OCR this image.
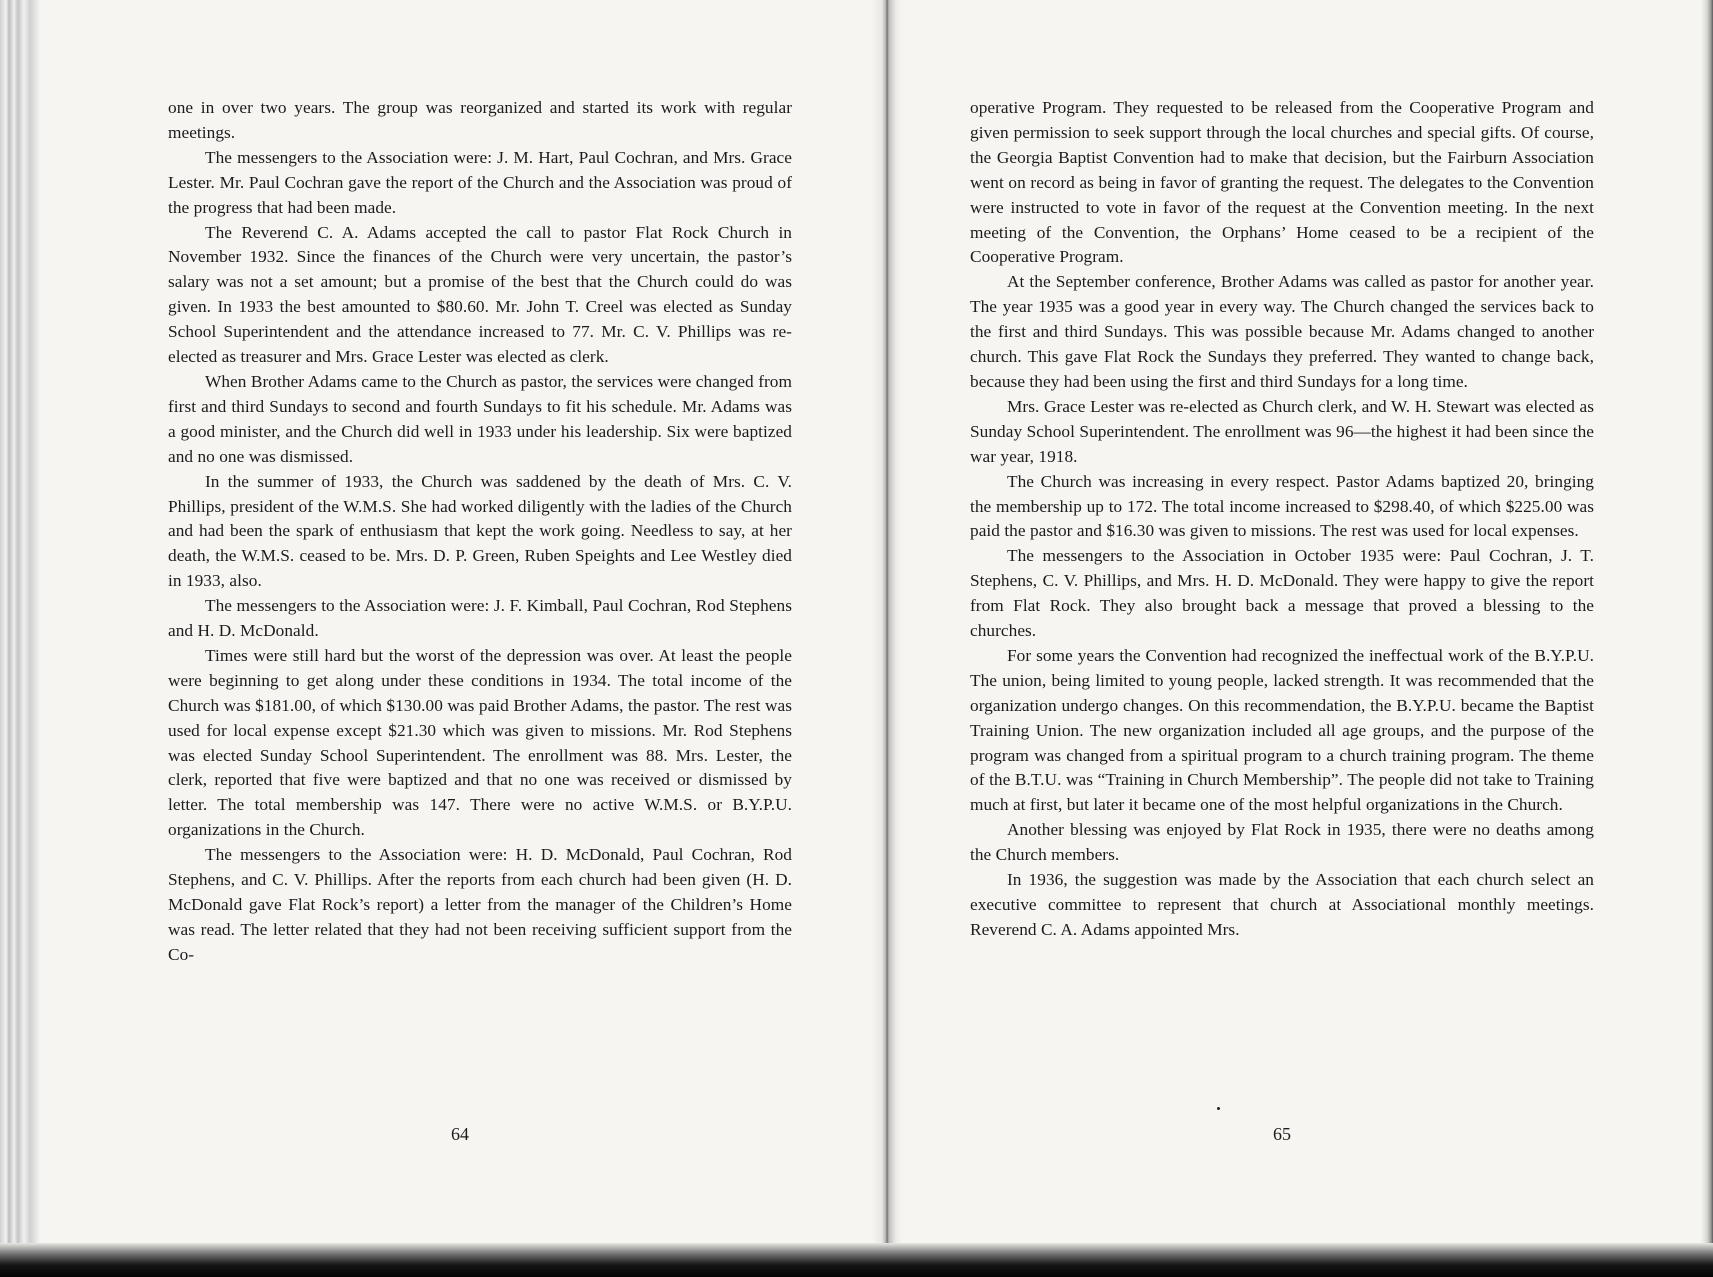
one in over two years. The group was reorganized and started its work with regular meetings.

The messengers to the Association were: J. M. Hart, Paul Cochran, and Mrs. Grace Lester. Mr. Paul Cochran gave the report of the Church and the Association was proud of the progress that had been made.

The Reverend C. A. Adams accepted the call to pastor Flat Rock Church in November 1932. Since the finances of the Church were very uncertain, the pastor’s salary was not a set amount; but a promise of the best that the Church could do was given. In 1933 the best amounted to $80.60. Mr. John T. Creel was elected as Sunday School Superintendent and the attendance increased to 77. Mr. C. V. Phillips was re-elected as treasurer and Mrs. Grace Lester was elected as clerk.

When Brother Adams came to the Church as pastor, the services were changed from first and third Sundays to second and fourth Sundays to fit his schedule. Mr. Adams was a good minister, and the Church did well in 1933 under his leadership. Six were baptized and no one was dismissed.

In the summer of 1933, the Church was saddened by the death of Mrs. C. V. Phillips, president of the W.M.S. She had worked diligently with the ladies of the Church and had been the spark of enthusiasm that kept the work going. Needless to say, at her death, the W.M.S. ceased to be. Mrs. D. P. Green, Ruben Speights and Lee Westley died in 1933, also.

The messengers to the Association were: J. F. Kimball, Paul Cochran, Rod Stephens and H. D. McDonald.

Times were still hard but the worst of the depression was over. At least the people were beginning to get along under these conditions in 1934. The total income of the Church was $181.00, of which $130.00 was paid Brother Adams, the pastor. The rest was used for local expense except $21.30 which was given to missions. Mr. Rod Stephens was elected Sunday School Superintendent. The enrollment was 88. Mrs. Lester, the clerk, reported that five were baptized and that no one was received or dismissed by letter. The total membership was 147. There were no active W.M.S. or B.Y.P.U. organizations in the Church.

The messengers to the Association were: H. D. McDonald, Paul Cochran, Rod Stephens, and C. V. Phillips. After the reports from each church had been given (H. D. McDonald gave Flat Rock’s report) a letter from the manager of the Children’s Home was read. The letter related that they had not been receiving sufficient support from the Co-

64

operative Program. They requested to be released from the Cooperative Program and given permission to seek support through the local churches and special gifts. Of course, the Georgia Baptist Convention had to make that decision, but the Fairburn Association went on record as being in favor of granting the request. The delegates to the Convention were instructed to vote in favor of the request at the Convention meeting. In the next meeting of the Convention, the Orphans’ Home ceased to be a recipient of the Cooperative Program.

At the September conference, Brother Adams was called as pastor for another year. The year 1935 was a good year in every way. The Church changed the services back to the first and third Sundays. This was possible because Mr. Adams changed to another church. This gave Flat Rock the Sundays they preferred. They wanted to change back, because they had been using the first and third Sundays for a long time.

Mrs. Grace Lester was re-elected as Church clerk, and W. H. Stewart was elected as Sunday School Superintendent. The enrollment was 96—the highest it had been since the war year, 1918.

The Church was increasing in every respect. Pastor Adams baptized 20, bringing the membership up to 172. The total income increased to $298.40, of which $225.00 was paid the pastor and $16.30 was given to missions. The rest was used for local expenses.

The messengers to the Association in October 1935 were: Paul Cochran, J. T. Stephens, C. V. Phillips, and Mrs. H. D. McDonald. They were happy to give the report from Flat Rock. They also brought back a message that proved a blessing to the churches.

For some years the Convention had recognized the ineffectual work of the B.Y.P.U. The union, being limited to young people, lacked strength. It was recommended that the organization undergo changes. On this recommendation, the B.Y.P.U. became the Baptist Training Union. The new organization included all age groups, and the purpose of the program was changed from a spiritual program to a church training program. The theme of the B.T.U. was “Training in Church Membership”. The people did not take to Training much at first, but later it became one of the most helpful organizations in the Church.

Another blessing was enjoyed by Flat Rock in 1935, there were no deaths among the Church members.

In 1936, the suggestion was made by the Association that each church select an executive committee to represent that church at Associational monthly meetings. Reverend C. A. Adams appointed Mrs.

65
